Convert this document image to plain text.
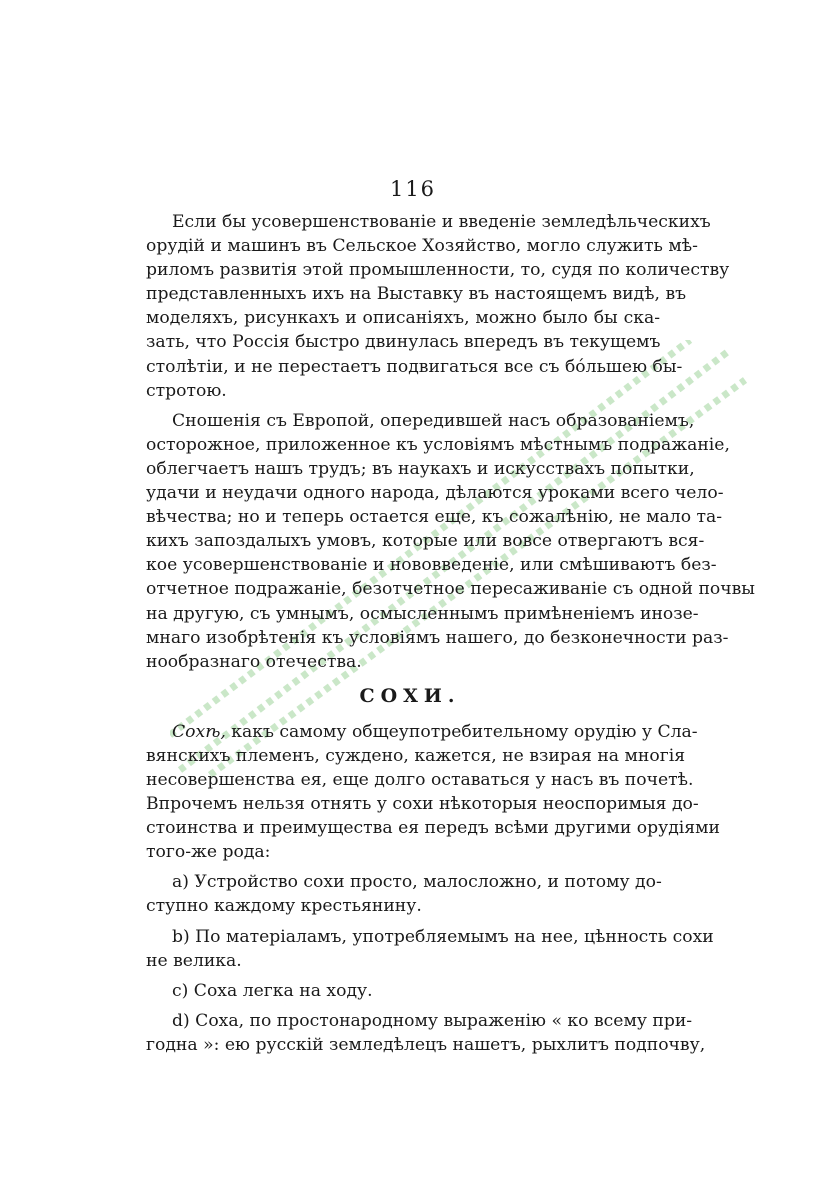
116
Если бы усовершенствованіе и введеніе земледѣльческихъ
орудій и машинъ въ Сельское Хозяйство, могло служить мѣ-
риломъ развитія этой промышленности, то, судя по количеству
представленныхъ ихъ на Выставку въ настоящемъ видѣ, въ
моделяхъ, рисункахъ и описаніяхъ, можно было бы ска-
зать, что Россія быстро двинулась впередъ въ текущемъ
столѣтіи, и не перестаетъ подвигаться все съ бóльшею бы-
стротою.
Сношенія съ Европой, опередившей насъ образованіемъ,
осторожное, приложенное къ условіямъ мѣстнымъ подражаніе,
облегчаетъ нашъ трудъ; въ наукахъ и искусствахъ попытки,
удачи и неудачи одного народа, дѣлаются уроками всего чело-
вѣчества; но и теперь остается еще, къ сожалѣнію, не мало та-
кихъ запоздалыхъ умовъ, которые или вовсе отвергаютъ вся-
кое усовершенствованіе и нововведеніе, или смѣшиваютъ без-
отчетное подражаніе, безотчетное пересаживаніе съ одной почвы
на другую, съ умнымъ, осмысленнымъ примѣненіемъ инозе-
мнаго изобрѣтенія къ условіямъ нашего, до безконечности раз-
нообразнаго отечества.
СОХИ.
Сохѣ, какъ самому общеупотребительному орудію у Сла-
вянскихъ племенъ, суждено, кажется, не взирая на многія
несовершенства ея, еще долго оставаться у насъ въ почетѣ.
Впрочемъ нельзя отнять у сохи нѣкоторыя неоспоримыя до-
стоинства и преимущества ея передъ всѣми другими орудіями
того-же рода:
а) Устройство сохи просто, малосложно, и потому до-
ступно каждому крестьянину.
b) По матеріаламъ, употребляемымъ на нее, цѣнность сохи
не велика.
с) Соха легка на ходу.
d) Соха, по простонародному выраженію « ко всему при-
годна »: ею русскій земледѣлецъ нашетъ, рыхлитъ подпочву,
